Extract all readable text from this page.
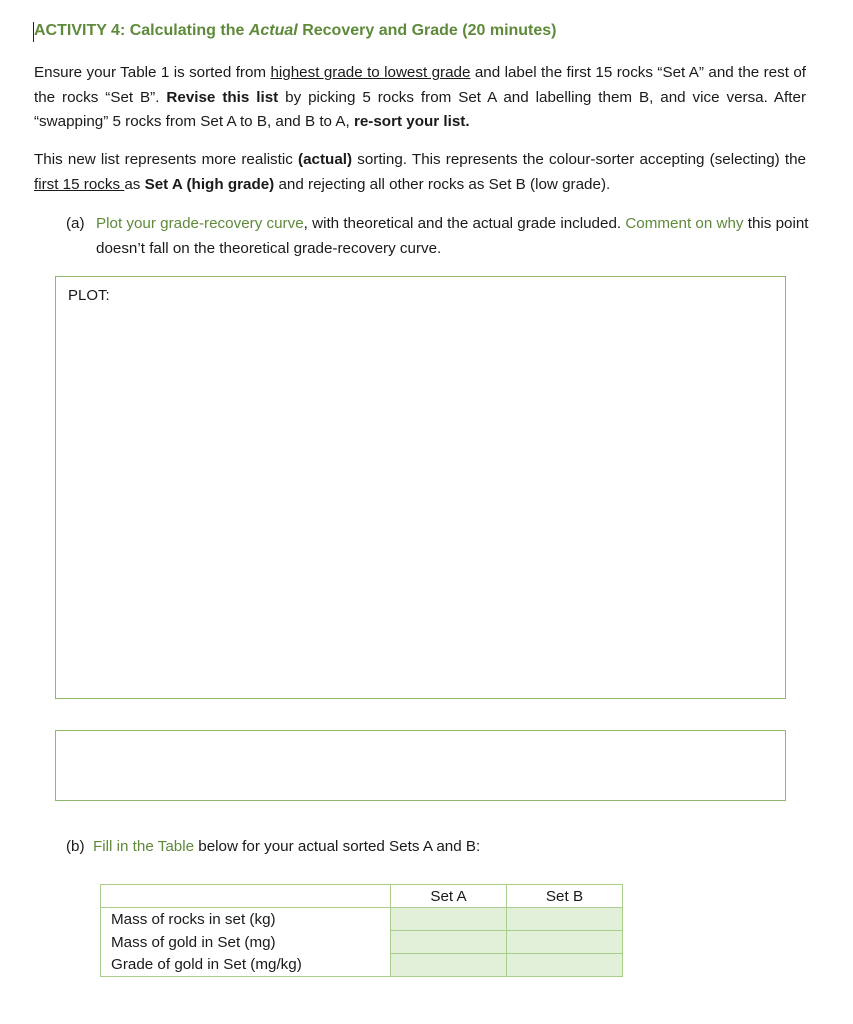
ACTIVITY 4: Calculating the Actual Recovery and Grade (20 minutes)
Ensure your Table 1 is sorted from highest grade to lowest grade and label the first 15 rocks “Set A” and the rest of the rocks “Set B”. Revise this list by picking 5 rocks from Set A and labelling them B, and vice versa. After “swapping” 5 rocks from Set A to B, and B to A, re-sort your list.
This new list represents more realistic (actual) sorting. This represents the colour-sorter accepting (selecting) the first 15 rocks as Set A (high grade) and rejecting all other rocks as Set B (low grade).
(a) Plot your grade-recovery curve, with theoretical and the actual grade included. Comment on why this point doesn’t fall on the theoretical grade-recovery curve.
PLOT:
(b) Fill in the Table below for your actual sorted Sets A and B:
	Set A	Set B
Mass of rocks in set (kg)		
Mass of gold in Set (mg)		
Grade of gold in Set (mg/kg)		
